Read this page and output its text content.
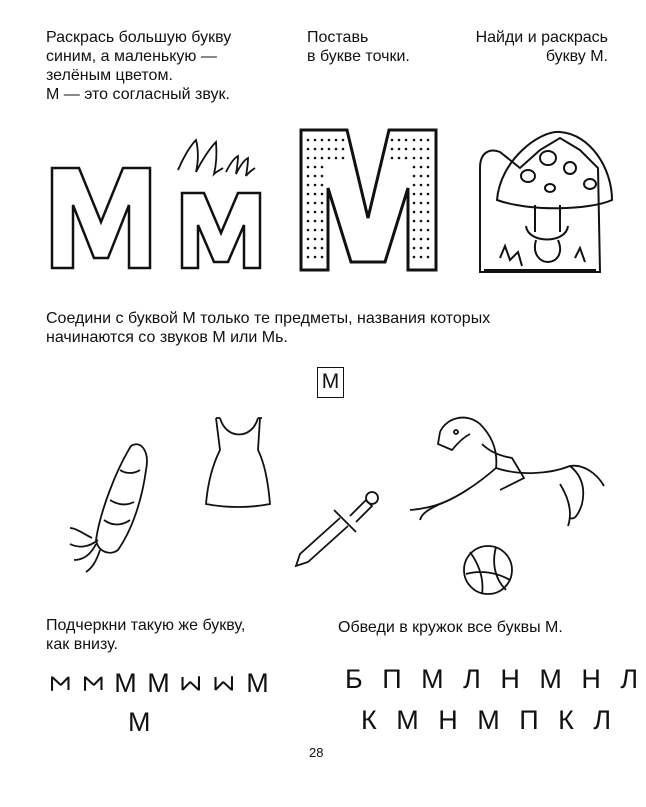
Раскрась большую букву
синим, а маленькую —
зелёным цветом.
М — это согласный звук.
Поставь
в букве точки.
Найди и раскрась
букву М.
Соедини с буквой М только те предметы, названия которых
начинаются со звуков М или Мь.
М
Подчеркни такую же букву,
как внизу.
Ʃ Σ М М Σ Ʃ М
М
Обведи в кружок все буквы М.
Б П М Л Н М Н Л
К М Н М П К Л
28
